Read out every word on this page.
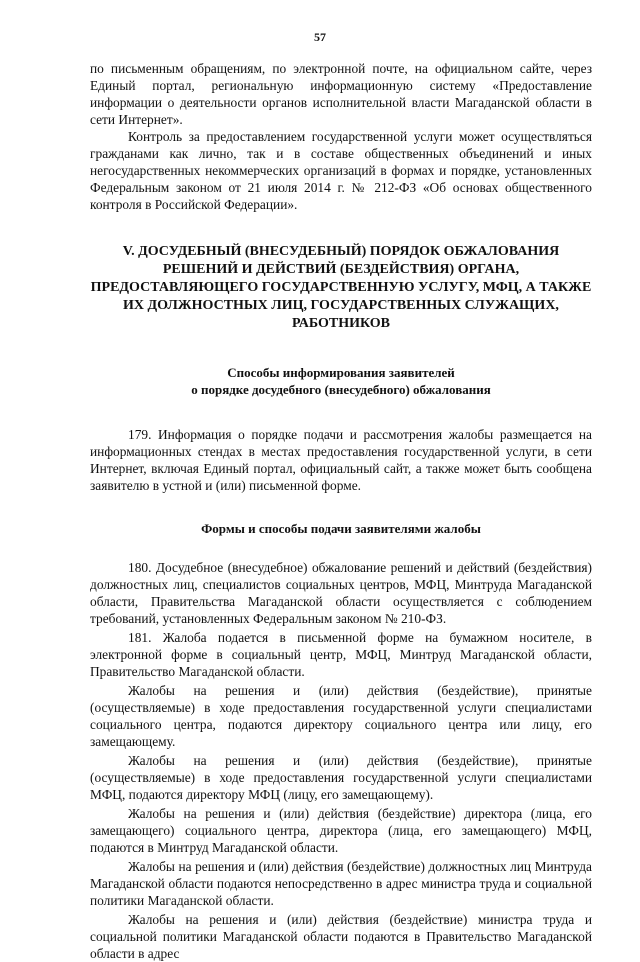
57

по письменным обращениям, по электронной почте, на официальном сайте, через Единый портал, региональную информационную систему «Предоставление информации о деятельности органов исполнительной власти Магаданской области в сети Интернет».

Контроль за предоставлением государственной услуги может осуществляться гражданами как лично, так и в составе общественных объединений и иных негосударственных некоммерческих организаций в формах и порядке, установленных Федеральным законом от 21 июля 2014 г. № 212-ФЗ «Об основах общественного контроля в Российской Федерации».

V. ДОСУДЕБНЫЙ (ВНЕСУДЕБНЫЙ) ПОРЯДОК ОБЖАЛОВАНИЯ РЕШЕНИЙ И ДЕЙСТВИЙ (БЕЗДЕЙСТВИЯ) ОРГАНА, ПРЕДОСТАВЛЯЮЩЕГО ГОСУДАРСТВЕННУЮ УСЛУГУ, МФЦ, А ТАКЖЕ ИХ ДОЛЖНОСТНЫХ ЛИЦ, ГОСУДАРСТВЕННЫХ СЛУЖАЩИХ, РАБОТНИКОВ
Способы информирования заявителей
о порядке досудебного (внесудебного) обжалования

179. Информация о порядке подачи и рассмотрения жалобы размещается на информационных стендах в местах предоставления государственной услуги, в сети Интернет, включая Единый портал, официальный сайт, а также может быть сообщена заявителю в устной и (или) письменной форме.

Формы и способы подачи заявителями жалобы

180. Досудебное (внесудебное) обжалование решений и действий (бездействия) должностных лиц, специалистов социальных центров, МФЦ, Минтруда Магаданской области, Правительства Магаданской области осуществляется с соблюдением требований, установленных Федеральным законом № 210-ФЗ.

181. Жалоба подается в письменной форме на бумажном носителе, в электронной форме в социальный центр, МФЦ, Минтруд Магаданской области, Правительство Магаданской области.

Жалобы на решения и (или) действия (бездействие), принятые (осуществляемые) в ходе предоставления государственной услуги специалистами социального центра, подаются директору социального центра или лицу, его замещающему.

Жалобы на решения и (или) действия (бездействие), принятые (осуществляемые) в ходе предоставления государственной услуги специалистами МФЦ, подаются директору МФЦ (лицу, его замещающему).

Жалобы на решения и (или) действия (бездействие) директора (лица, его замещающего) социального центра, директора (лица, его замещающего) МФЦ, подаются в Минтруд Магаданской области.

Жалобы на решения и (или) действия (бездействие) должностных лиц Минтруда Магаданской области подаются непосредственно в адрес министра труда и социальной политики Магаданской области.

Жалобы на решения и (или) действия (бездействие) министра труда и социальной политики Магаданской области подаются в Правительство Магаданской области в адрес
